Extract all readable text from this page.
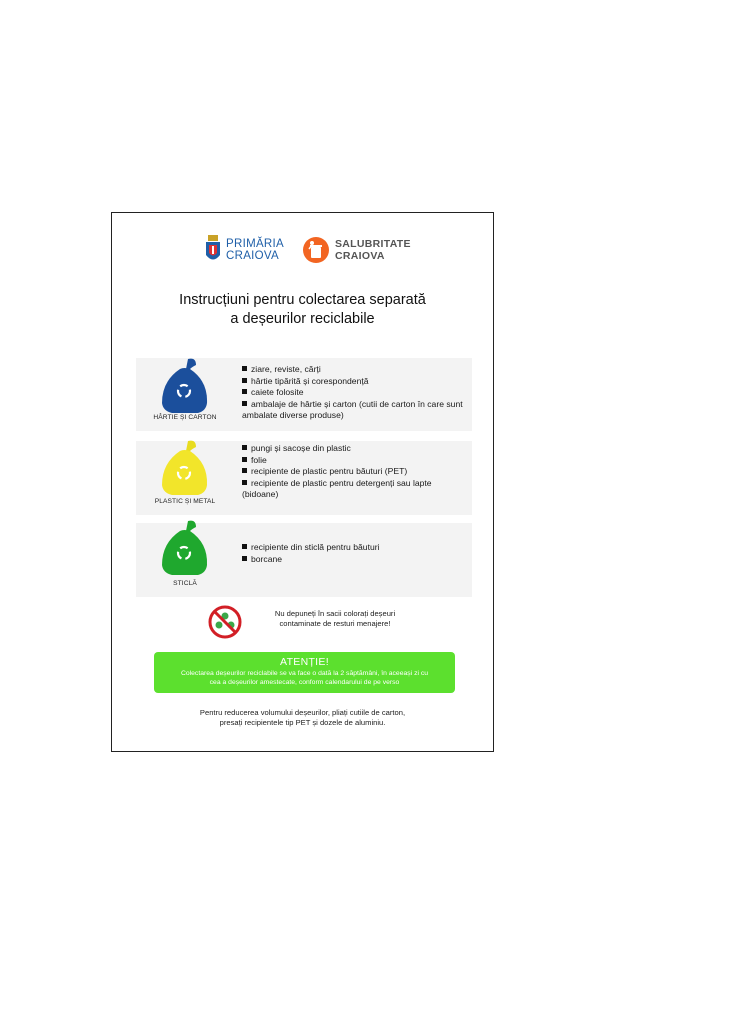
PRIMĂRIA
CRAIOVA
SALUBRITATE
CRAIOVA
Instrucțiuni pentru colectarea separată
a deșeurilor reciclabile
HÂRTIE ȘI CARTON
ziare, reviste, cărți
hârtie tipărită și corespondență
caiete folosite
ambalaje de hârtie și carton (cutii de carton în care sunt ambalate diverse produse)
PLASTIC ȘI METAL
pungi și sacoșe din plastic
folie
recipiente de plastic pentru băuturi (PET)
recipiente de plastic pentru detergenți sau lapte (bidoane)
STICLĂ
recipiente din sticlă pentru băuturi
borcane
Nu depuneți în sacii colorați deșeuri
contaminate de resturi menajere!
ATENȚIE!
Colectarea deșeurilor reciclabile se va face o dată la 2 săptămâni, în aceeași zi cu
cea a deșeurilor amestecate, conform calendarului de pe verso
Pentru reducerea volumului deșeurilor, pliați cutiile de carton,
presați recipientele tip PET și dozele de aluminiu.
